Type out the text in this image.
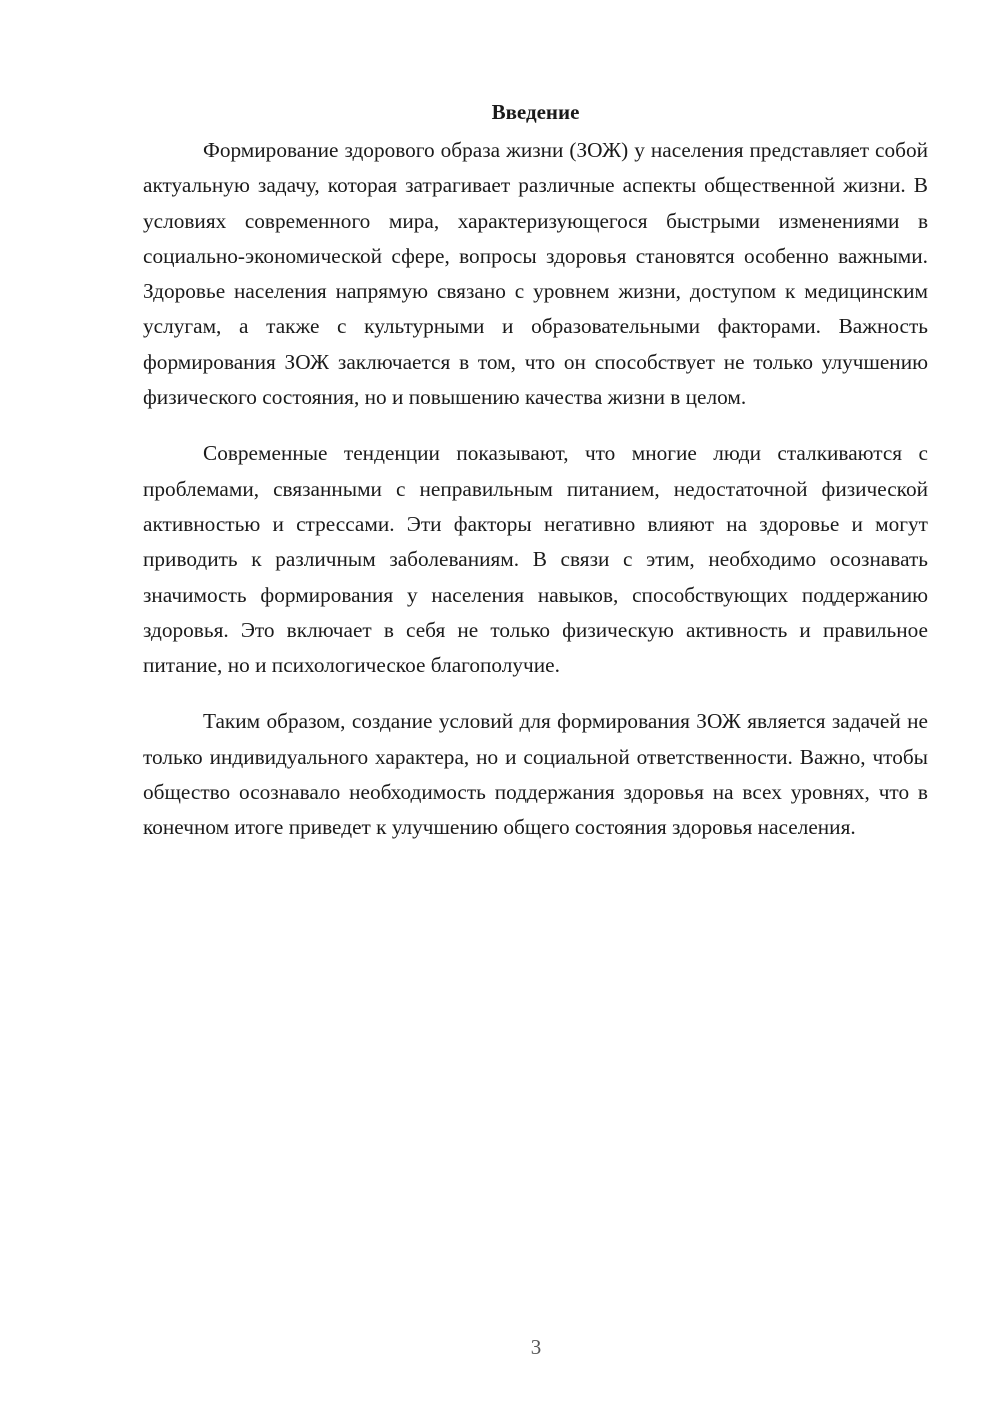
Введение

Формирование здорового образа жизни (ЗОЖ) у населения представляет собой актуальную задачу, которая затрагивает различные аспекты общественной жизни. В условиях современного мира, характеризующегося быстрыми изменениями в социально-экономической сфере, вопросы здоровья становятся особенно важными. Здоровье населения напрямую связано с уровнем жизни, доступом к медицинским услугам, а также с культурными и образовательными факторами. Важность формирования ЗОЖ заключается в том, что он способствует не только улучшению физического состояния, но и повышению качества жизни в целом.

Современные тенденции показывают, что многие люди сталкиваются с проблемами, связанными с неправильным питанием, недостаточной физической активностью и стрессами. Эти факторы негативно влияют на здоровье и могут приводить к различным заболеваниям. В связи с этим, необходимо осознавать значимость формирования у населения навыков, способствующих поддержанию здоровья. Это включает в себя не только физическую активность и правильное питание, но и психологическое благополучие.

Таким образом, создание условий для формирования ЗОЖ является задачей не только индивидуального характера, но и социальной ответственности. Важно, чтобы общество осознавало необходимость поддержания здоровья на всех уровнях, что в конечном итоге приведет к улучшению общего состояния здоровья населения.

3
